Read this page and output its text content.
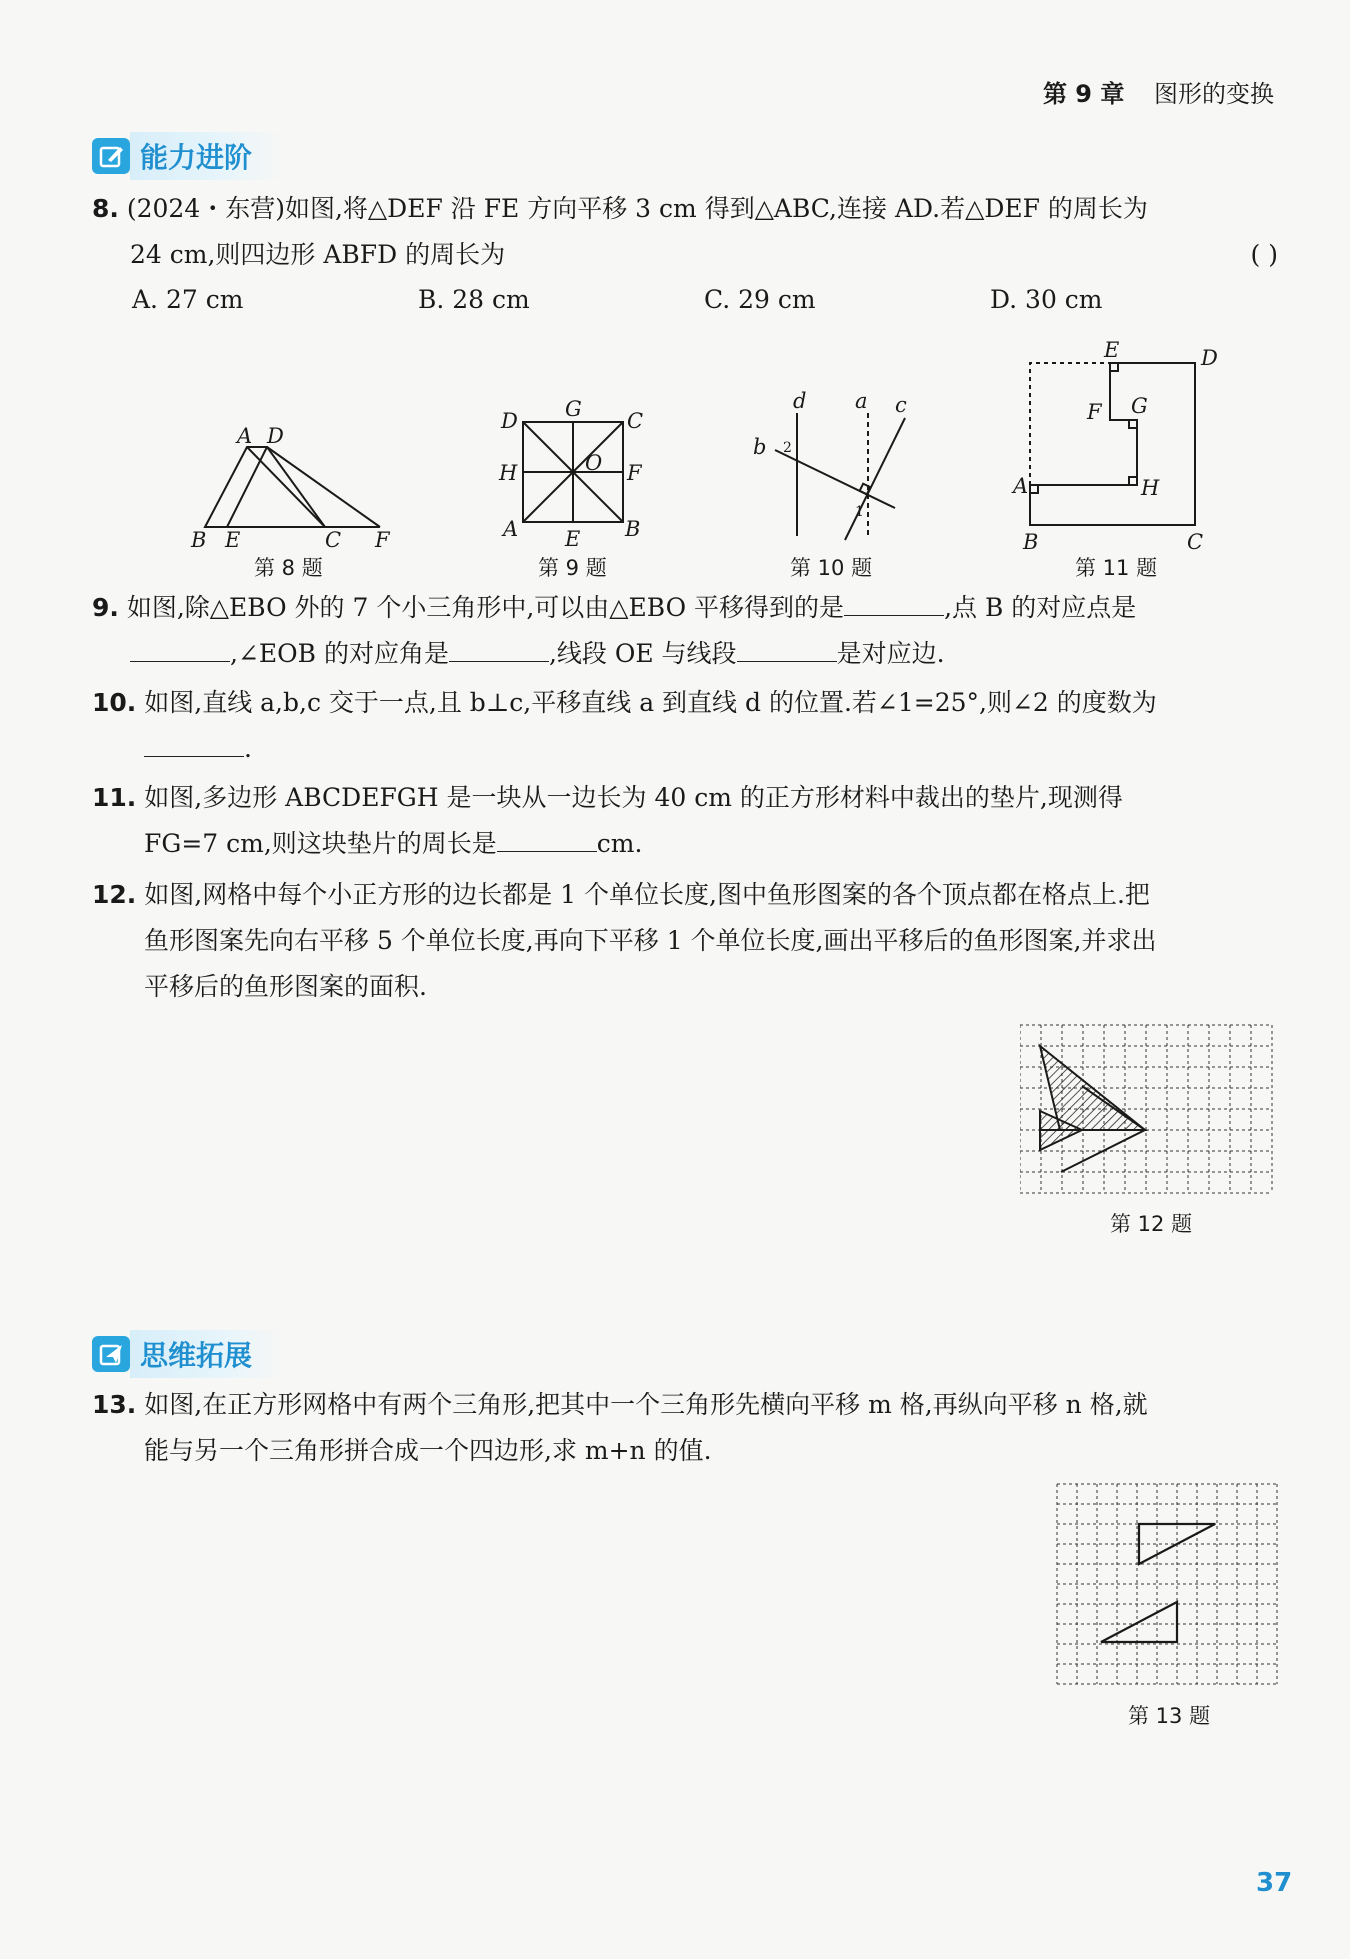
第 9 章 图形的变换
能力进阶
8. (2024・东营)如图,将△DEF 沿 FE 方向平移 3 cm 得到△ABC,连接 AD.若△DEF 的周长为
24 cm,则四边形 ABFD 的周长为	( )
A. 27 cm	B. 28 cm	C. 29 cm	D. 30 cm
A D
B E	C F
第 8 题
D G C
H	O F
A E B
第 9 题
d a c
b 2
1
第 10 题
E	D
F G
A	H
B	C
第 11 题
9. 如图,除△EBO 外的 7 个小三角形中,可以由△EBO 平移得到的是	,点 B 的对应点是
,∠EOB 的对应角是	,线段 OE 与线段	是对应边.
10. 如图,直线 a,b,c 交于一点,且 b⊥c,平移直线 a 到直线 d 的位置.若∠1=25°,则∠2 的度数为
.
11. 如图,多边形 ABCDEFGH 是一块从一边长为 40 cm 的正方形材料中裁出的垫片,现测得
FG=7 cm,则这块垫片的周长是	cm.
12. 如图,网格中每个小正方形的边长都是 1 个单位长度,图中鱼形图案的各个顶点都在格点上.把
鱼形图案先向右平移 5 个单位长度,再向下平移 1 个单位长度,画出平移后的鱼形图案,并求出
平移后的鱼形图案的面积.
第 12 题
思维拓展
13. 如图,在正方形网格中有两个三角形,把其中一个三角形先横向平移 m 格,再纵向平移 n 格,就
能与另一个三角形拼合成一个四边形,求 m+n 的值.
第 13 题
37
